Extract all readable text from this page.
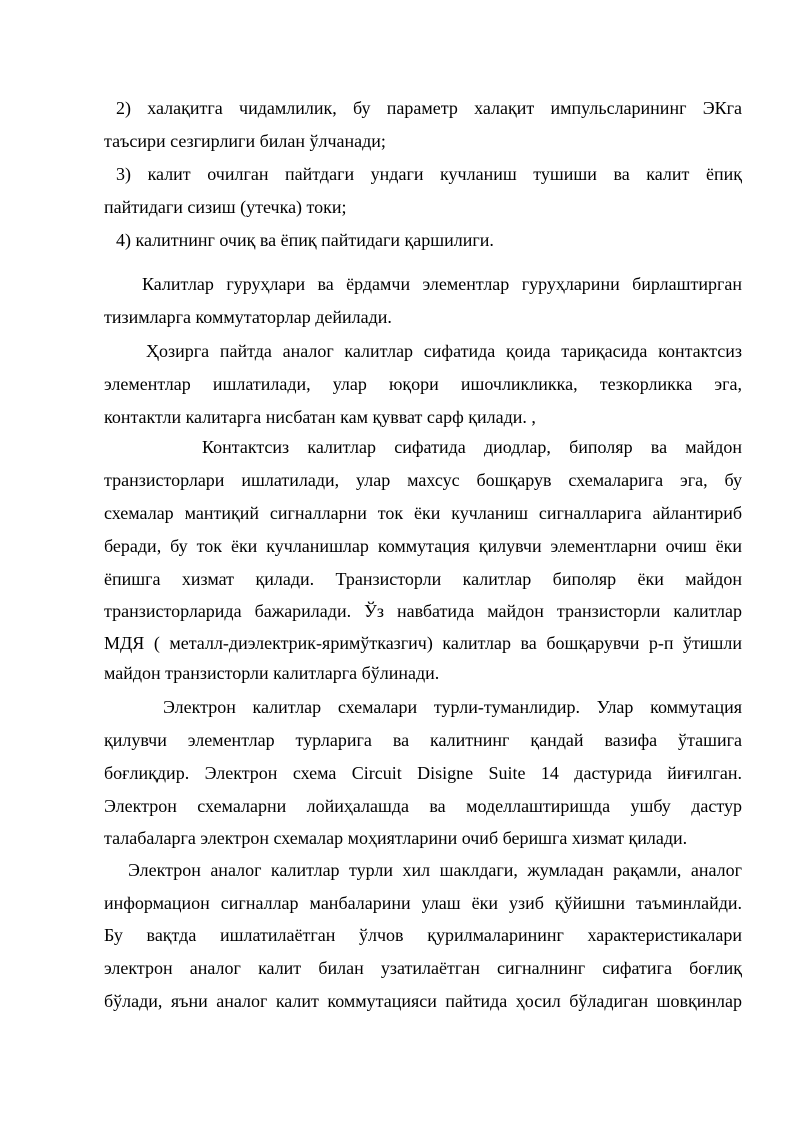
2) халақитга чидамлилик, бу параметр халақит импульсларининг ЭКга
таъсири сезгирлиги билан ўлчанади;
3) калит очилган пайтдаги ундаги кучланиш тушиши ва калит ёпиқ
пайтидаги сизиш (утечка) токи;
4) калитнинг очиқ ва ёпиқ пайтидаги қаршилиги.
Калитлар гуруҳлари ва ёрдамчи элементлар гуруҳларини бирлаштирган
тизимларга коммутаторлар дейилади.
Ҳозирга пайтда аналог калитлар сифатида қоида тариқасида контактсиз
элементлар ишлатилади, улар юқори ишочликликка, тезкорликка эга,
контактли калитарга нисбатан кам қувват сарф қилади. ,
Контактсиз калитлар сифатида диодлар, биполяр ва майдон
транзисторлари ишлатилади, улар махсус бошқарув схемаларига эга, бу
схемалар мантиқий сигналларни ток ёки кучланиш сигналларига айлантириб
беради, бу ток ёки кучланишлар коммутация қилувчи элементларни очиш ёки
ёпишга хизмат қилади. Транзисторли калитлар биполяр ёки майдон
транзисторларида бажарилади. Ўз навбатида майдон транзисторли калитлар
МДЯ ( металл-диэлектрик-яримўтказгич) калитлар ва бошқарувчи p-п ўтишли
майдон транзисторли калитларга бўлинади.
Электрон калитлар схемалари турли-туманлидир. Улар коммутация
қилувчи элементлар турларига ва калитнинг қандай вазифа ўташига
боғлиқдир. Электрон схема Circuit Disigne Suite 14 дастурида йиғилган.
Электрон схемаларни лойиҳалашда ва моделлаштиришда ушбу дастур
талабаларга электрон схемалар моҳиятларини очиб беришга хизмат қилади.
Электрон аналог калитлар турли хил шаклдаги, жумладан рақамли, аналог
информацион сигналлар манбаларини улаш ёки узиб қўйишни таъминлайди.
Бу вақтда ишлатилаётган ўлчов қурилмаларининг характеристикалари
электрон аналог калит билан узатилаётган сигналнинг сифатига боғлиқ
бўлади, яъни аналог калит коммутацияси пайтида ҳосил бўладиган шовқинлар
